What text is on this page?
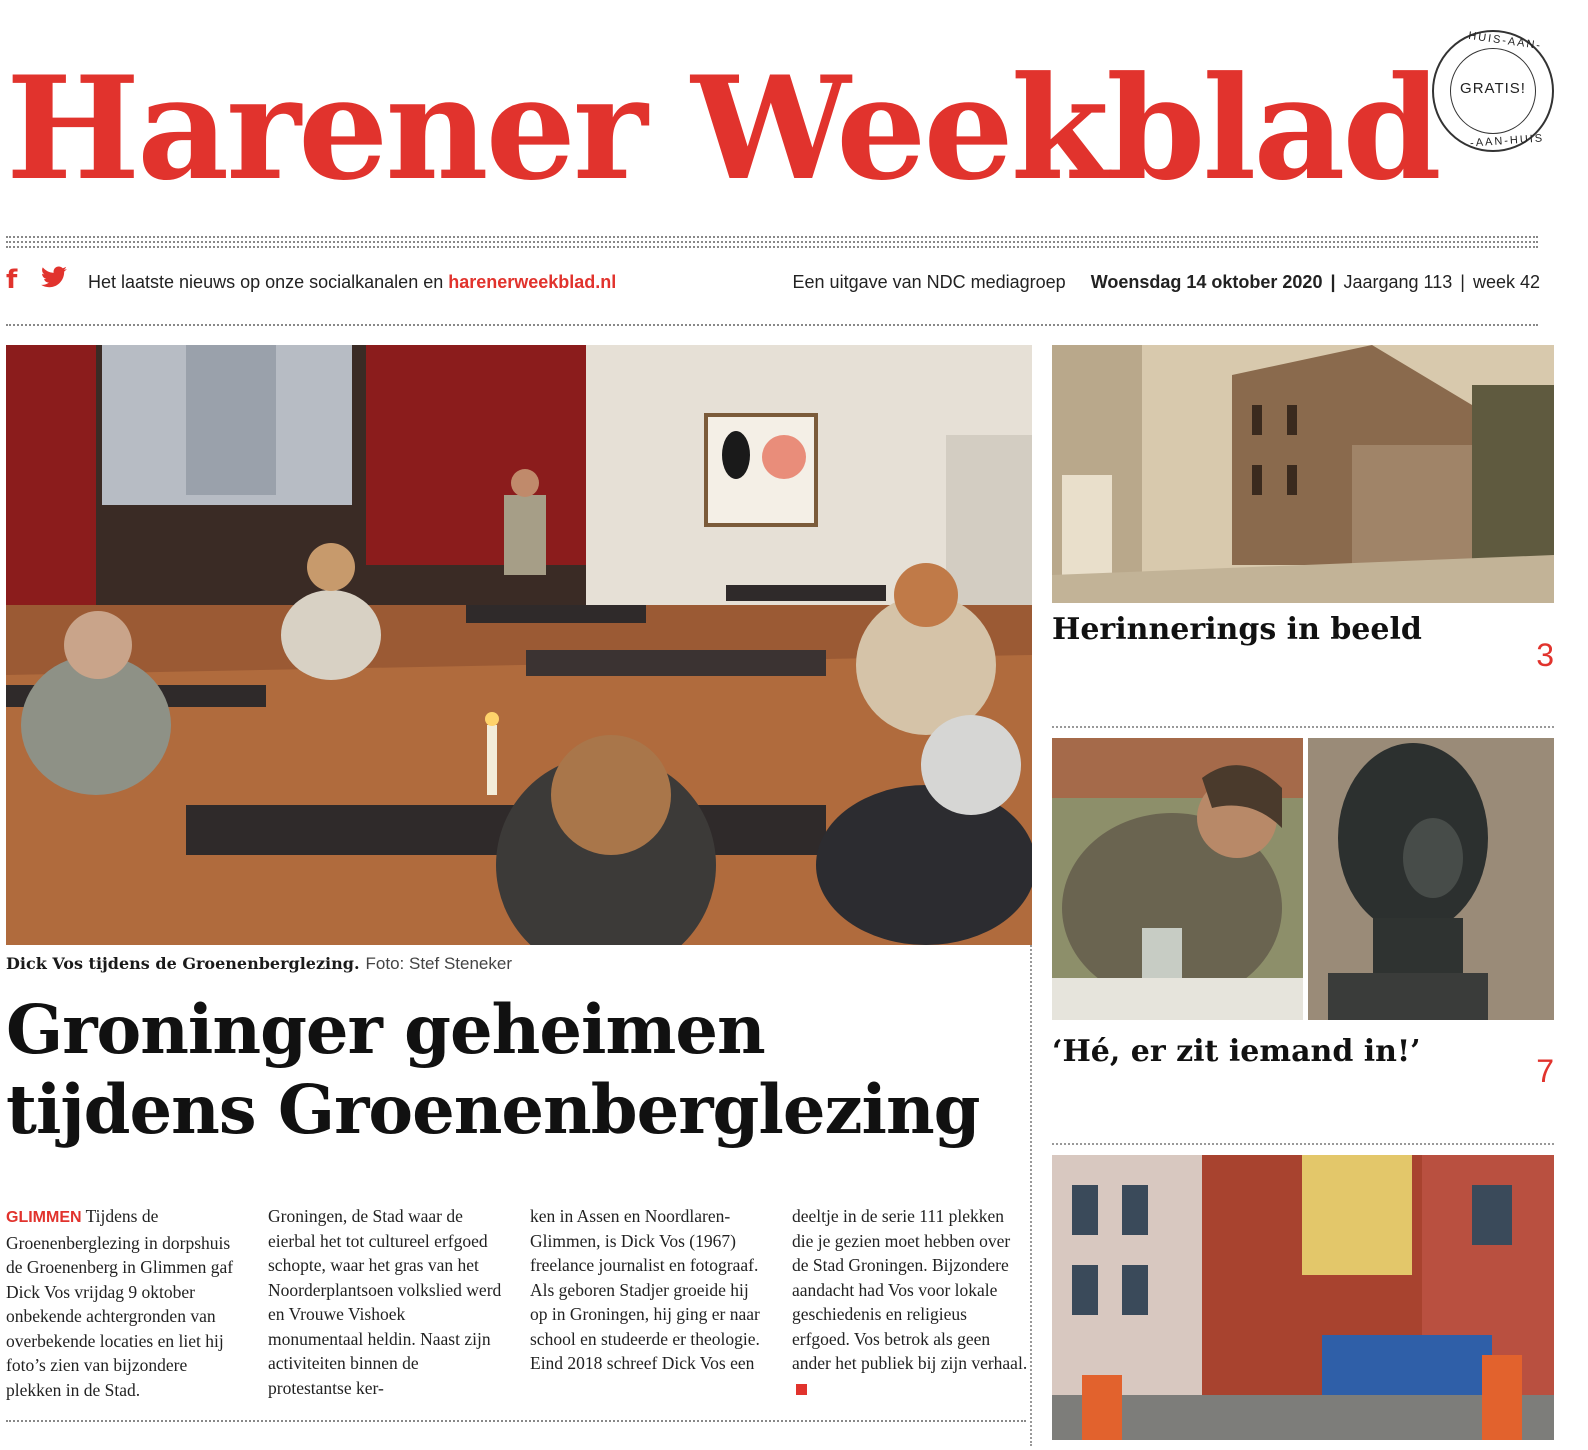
Harener Weekblad
HUIS-AAN-
GRATIS!
-AAN-HUIS
f	Het laatste nieuws op onze socialkanalen en harenerweekblad.nl	Een uitgave van NDC mediagroep Woensdag 14 oktober 2020 | Jaargang 113 | week 42
Dick Vos tijdens de Groenenberglezing. Foto: Stef Steneker
Groninger geheimen
tijdens Groenenberglezing
GLIMMEN Tijdens de Groenenberglezing in dorpshuis de Groenenberg in Glimmen gaf Dick Vos vrijdag 9 oktober onbekende achtergronden van overbekende locaties en liet hij foto’s zien van bijzondere plekken in de Stad.
Groningen, de Stad waar de eierbal het tot cultureel erfgoed schopte, waar het gras van het Noorderplantsoen volkslied werd en Vrouwe Vishoek monumentaal heldin. Naast zijn activiteiten binnen de protestantse ker-
ken in Assen en Noordlaren-Glimmen, is Dick Vos (1967) freelance journalist en fotograaf. Als geboren Stadjer groeide hij op in Groningen, hij ging er naar school en studeerde er theologie. Eind 2018 schreef Dick Vos een
deeltje in de serie 111 plekken die je gezien moet hebben over de Stad Groningen. Bijzondere aandacht had Vos voor lokale geschiedenis en religieus erfgoed. Vos betrok als geen ander het publiek bij zijn verhaal.
Herinnerings in beeld
3
‘Hé, er zit iemand in!’
7
